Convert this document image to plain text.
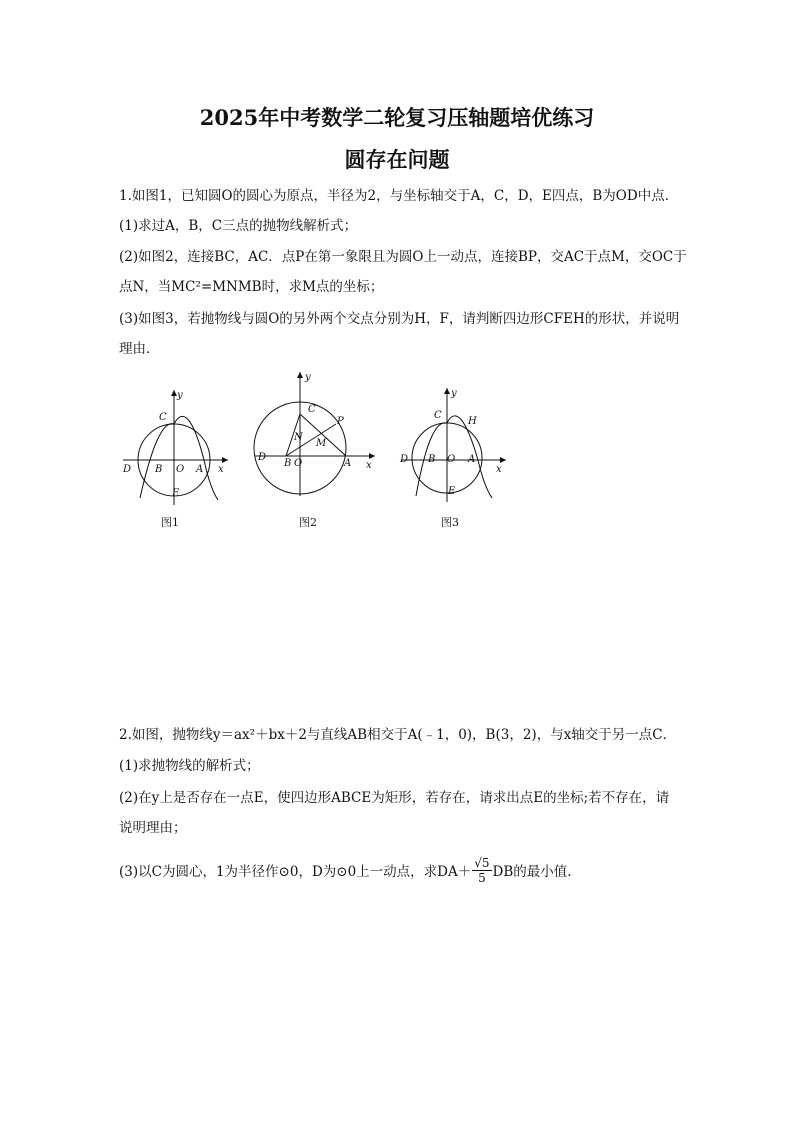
2025年中考数学二轮复习压轴题培优练习
圆存在问题
1.如图1，已知圆O的圆心为原点，半径为2，与坐标轴交于A，C，D，E四点，B为OD中点．
(1)求过A，B，C三点的抛物线解析式；
(2)如图2，连接BC，AC．点P在第一象限且为圆O上一动点，连接BP，交AC于点M，交OC于
点N，当MC²=MNMB时，求M点的坐标；
(3)如图3，若抛物线与圆O的另外两个交点分别为H，F，请判断四边形CFEH的形状，并说明
理由．
y
x
C
D B O A
E
图1
y
x
C
P
N
M
D
B O	A
图2
y
x
C
H
D B O A
E
图3
2.如图，抛物线y＝ax²＋bx＋2与直线AB相交于A(﹣1，0)，B(3，2)，与x轴交于另一点C．
(1)求抛物线的解析式；
(2)在y上是否存在一点E，使四边形ABCE为矩形，若存在，请求出点E的坐标;若不存在，请
说明理由；
(3)以C为圆心，1为半径作⊙0，D为⊙0上一动点，求$DA+ \frac{√5}{5}$ DB的最小值.
